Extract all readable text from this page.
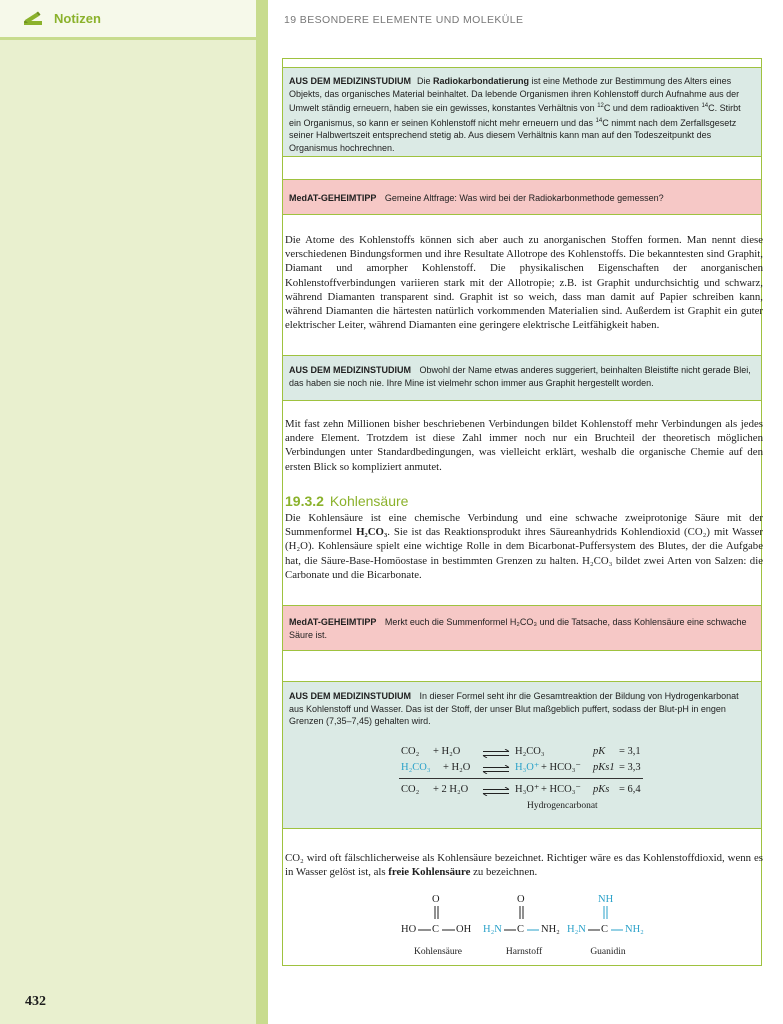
Notizen
432
19 BESONDERE ELEMENTE UND MOLEKÜLE
AUS DEM MEDIZINSTUDIUM Die Radiokarbondatierung ist eine Methode zur Bestimmung des Alters eines Objekts, das organisches Material beinhaltet. Da lebende Organismen ihren Kohlenstoff durch Aufnahme aus der Umwelt ständig erneuern, haben sie ein gewisses, konstantes Verhältnis von $^{12}$C und dem radioaktiven $^{14}$C. Stirbt ein Organismus, so kann er seinen Kohlenstoff nicht mehr erneuern und das $^{14}$C nimmt nach dem Zerfallsgesetz seiner Halbwertszeit entsprechend stetig ab. Aus diesem Verhältnis kann man auf den Todeszeitpunkt des Organismus hochrechnen.
MedAT-GEHEIMTIPP Gemeine Altfrage: Was wird bei der Radiokarbonmethode gemessen?
Die Atome des Kohlenstoffs können sich aber auch zu anorganischen Stoffen formen. Man nennt diese verschiedenen Bindungsformen und ihre Resultate Allotrope des Kohlenstoffs. Die bekanntesten sind Graphit, Diamant und amorpher Kohlenstoff. Die physikalischen Eigenschaften der anorganischen Kohlenstoffverbindungen variieren stark mit der Allotropie; z.B. ist Graphit undurchsichtig und schwarz, während Diamanten transparent sind. Graphit ist so weich, dass man damit auf Papier schreiben kann, während Diamanten die härtesten natürlich vorkommenden Materialien sind. Außerdem ist Graphit ein guter elektrischer Leiter, während Diamanten eine geringere elektrische Leitfähigkeit haben.
AUS DEM MEDIZINSTUDIUM Obwohl der Name etwas anderes suggeriert, beinhalten Bleistifte nicht gerade Blei, das haben sie noch nie. Ihre Mine ist vielmehr schon immer aus Graphit hergestellt worden.
Mit fast zehn Millionen bisher beschriebenen Verbindungen bildet Kohlenstoff mehr Verbindungen als jedes andere Element. Trotzdem ist diese Zahl immer noch nur ein Bruchteil der theoretisch möglichen Verbindungen unter Standardbedingungen, was vielleicht erklärt, weshalb die organische Chemie auf den ersten Blick so kompliziert anmutet.
19.3.2 Kohlensäure
Die Kohlensäure ist eine chemische Verbindung und eine schwache zweiprotonige Säure mit der Summenformel H₂CO₃. Sie ist das Reaktionsprodukt ihres Säureanhydrids Kohlendioxid (CO₂) mit Wasser (H₂O). Kohlensäure spielt eine wichtige Rolle in dem Bicarbonat-Puffersystem des Blutes, der die Aufgabe hat, die Säure-Base-Homöostase in bestimmten Grenzen zu halten. H₂CO₃ bildet zwei Arten von Salzen: die Carbonate und die Bicarbonate.
MedAT-GEHEIMTIPP Merkt euch die Summenformel H₂CO₃ und die Tatsache, dass Kohlensäure eine schwache Säure ist.
AUS DEM MEDIZINSTUDIUM In dieser Formel seht ihr die Gesamtreaktion der Bildung von Hydrogenkarbonat aus Kohlenstoff und Wasser. Das ist der Stoff, der unser Blut maßgeblich puffert, sodass der Blut-pH in engen Grenzen (7,35–7,45) gehalten wird.
CO₂ + H₂O ⇌ H₂CO₃	pK = 3,1
H₂CO₃ + H₂O ⇌ H₃O⁺ + HCO₃⁻ pKs1 = 3,3
CO₂ + 2 H₂O ⇌ H₃O⁺ + HCO₃⁻ pKs = 6,4
Hydrogencarbonat
CO₂ wird oft fälschlicherweise als Kohlensäure bezeichnet. Richtiger wäre es das Kohlenstoffdioxid, wenn es in Wasser gelöst ist, als freie Kohlensäure zu bezeichnen.
O
HO C OH
O
H₂N C NH₂
NH
H₂N C NH₂
Kohlensäure	Harnstoff	Guanidin
